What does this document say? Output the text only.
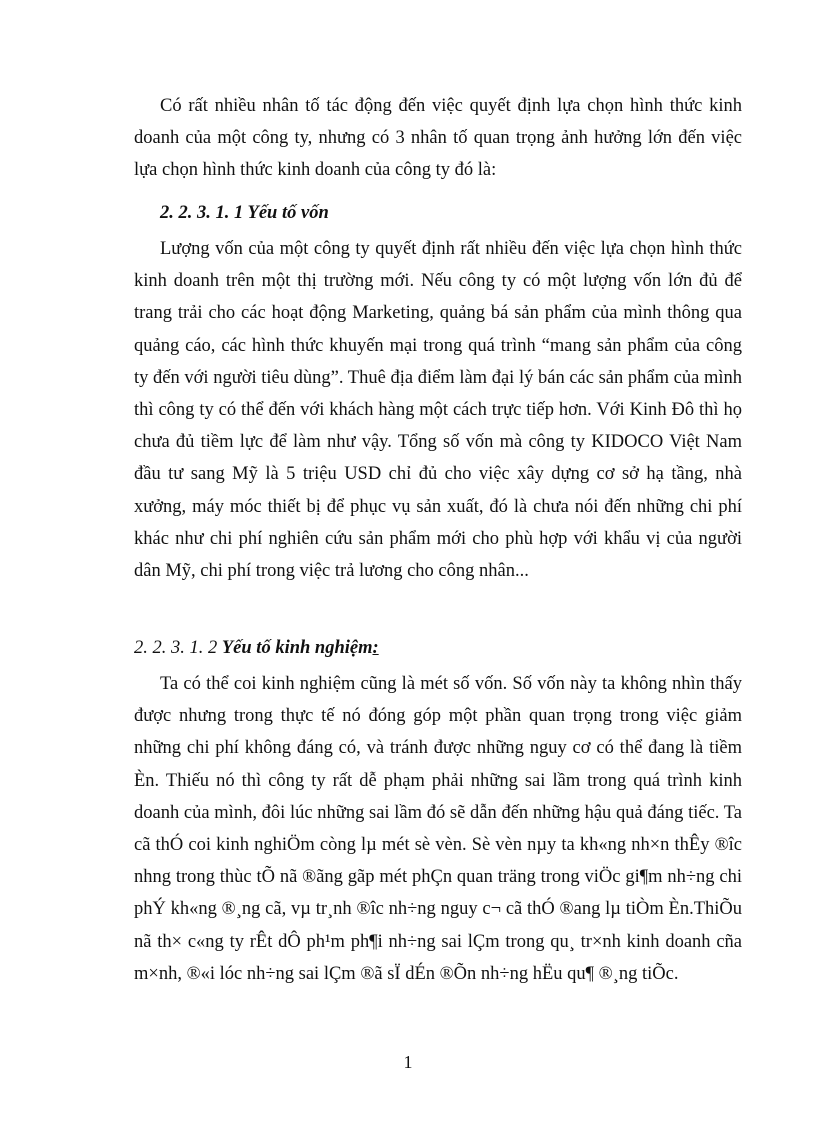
Có rất nhiều nhân tố tác động đến việc quyết định lựa chọn hình thức kinh doanh của một công ty, nhưng có 3 nhân tố quan trọng ảnh hưởng lớn đến việc lựa chọn hình thức kinh doanh của công ty đó là:

2. 2. 3. 1. 1 Yếu tố vốn

Lượng vốn của một công ty quyết định rất nhiều đến việc lựa chọn hình thức kinh doanh trên một thị trường mới. Nếu công ty có một lượng vốn lớn đủ để trang trải cho các hoạt động Marketing, quảng bá sản phẩm của mình thông qua quảng cáo, các hình thức khuyến mại trong quá trình “mang sản phẩm của công ty đến với người tiêu dùng”. Thuê địa điểm làm đại lý bán các sản phẩm của mình thì công ty có thể đến với khách hàng một cách trực tiếp hơn. Với Kinh Đô thì họ chưa đủ tiềm lực để làm như vậy. Tổng số vốn mà công ty KIDOCO Việt Nam đầu tư sang Mỹ là 5 triệu USD chỉ đủ cho việc xây dựng cơ sở hạ tầng, nhà xưởng, máy móc thiết bị để phục vụ sản xuất, đó là chưa nói đến những chi phí khác như chi phí nghiên cứu sản phẩm mới cho phù hợp với khẩu vị của người dân Mỹ, chi phí trong việc trả lương cho công nhân...

2. 2. 3. 1. 2 Yếu tố kinh nghiệm:

Ta có thể coi kinh nghiệm cũng là mét số vốn. Số vốn này ta không nhìn thấy được nhưng trong thực tế nó đóng góp một phần quan trọng trong việc giảm những chi phí không đáng có, và tránh được những nguy cơ có thể đang là tiềm Èn. Thiếu nó thì công ty rất dễ phạm phải những sai lầm trong quá trình kinh doanh của mình, đôi lúc những sai lầm đó sẽ dẫn đến những hậu quả đáng tiếc. Ta cã thÓ coi kinh nghiÖm còng lµ mét sè vèn. Sè vèn nµy ta kh«ng nh×n thÊy ®îc nhng trong thùc tÕ nã ®ãng gãp mét phÇn quan träng trong viÖc gi¶m nh÷ng chi phÝ kh«ng ®¸ng cã, vµ tr¸nh ®îc nh÷ng nguy c¬ cã thÓ ®ang lµ tiÒm Èn.ThiÕu nã th× c«ng ty rÊt dÔ ph¹m ph¶i nh÷ng sai lÇm trong qu¸ tr×nh kinh doanh cña m×nh, ®«i lóc nh÷ng sai lÇm ®ã sÏ dÉn ®Õn nh÷ng hËu qu¶ ®¸ng tiÕc.

1
